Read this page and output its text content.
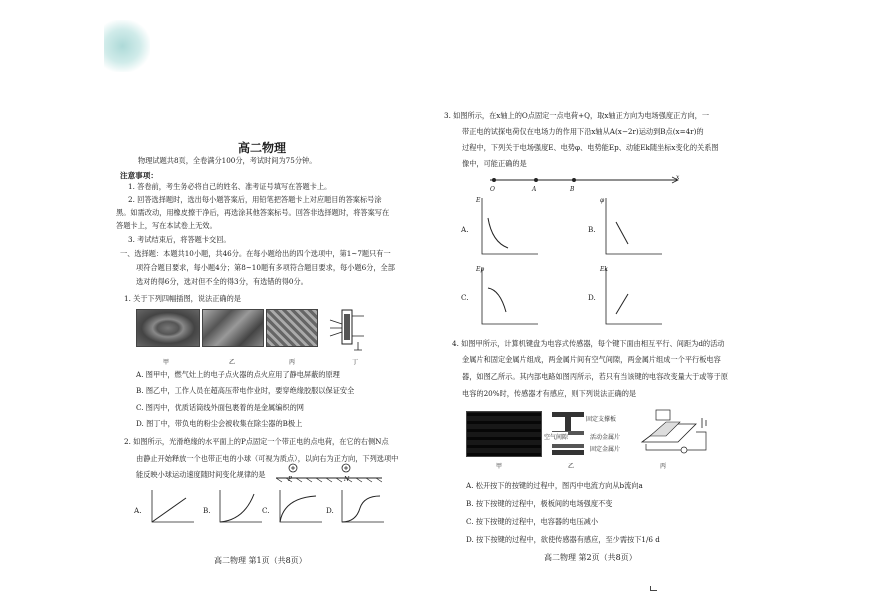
高二物理
物理试题共8页，全卷满分100分，考试时间为75分钟。
注意事项：
1. 答卷前，考生务必将自己的姓名、准考证号填写在答题卡上。
2. 回答选择题时，选出每小题答案后，用铅笔把答题卡上对应题目的答案标号涂
黑。如需改动，用橡皮擦干净后，再选涂其他答案标号。回答非选择题时，将答案写在
答题卡上，写在本试卷上无效。
3. 考试结束后，将答题卡交回。
一、选择题：本题共10小题，共46分。在每小题给出的四个选项中，第1~7题只有一
项符合题目要求，每小题4分；第8~10题有多项符合题目要求，每小题6分，全部
选对的得6分，选对但不全的得3分，有选错的得0分。
1. 关于下列四幅插图，说法正确的是
甲	乙	丙	丁
A. 图甲中，燃气灶上的电子点火器的点火应用了静电屏蔽的原理
B. 图乙中，工作人员在超高压带电作业时，要穿绝缘胶服以保证安全
C. 图丙中，优质话筒线外面包裹着的是金属编织的网
D. 图丁中，带负电的粉尘会被收集在除尘器的B极上
2. 如图所示，光滑绝缘的水平面上的P点固定一个带正电的点电荷，在它的右侧N点
由静止开始释放一个也带正电的小球（可视为质点），以向右为正方向，下列选项中
能反映小球运动速度随时间变化规律的是
P	N
A.	B.	C.	D.
高二物理 第1页（共8页）
3. 如图所示，在x轴上的O点固定一点电荷+Q，取x轴正方向为电场强度正方向，一
带正电的试探电荷仅在电场力的作用下沿x轴从A(x−2r)运动到B点(x=4r)的
过程中，下列关于电场强度E、电势φ、电势能Ep、动能Ek随坐标x变化的关系图
像中，可能正确的是
O	A	B
x
A.
E
B.
φ
C.
Ep
D.
Ek
4. 如图甲所示，计算机键盘为电容式传感器，每个键下面由相互平行、间距为d的活动
金属片和固定金属片组成，两金属片间有空气间隙，两金属片组成一个平行板电容
器，如图乙所示。其内部电路如图丙所示，若只有当该键的电容改变量大于或等于原
电容的20%时，传感器才有感应，则下列说法正确的是
固定支撑板
空气间隙	活动金属片
固定金属片
甲	乙	丙
A. 松开按下的按键的过程中，图丙中电流方向从b流向a
B. 按下按键的过程中，极板间的电场强度不变
C. 按下按键的过程中，电容器的电压减小
D. 按下按键的过程中，欲使传感器有感应，至少需按下1/6 d
高二物理 第2页（共8页）
